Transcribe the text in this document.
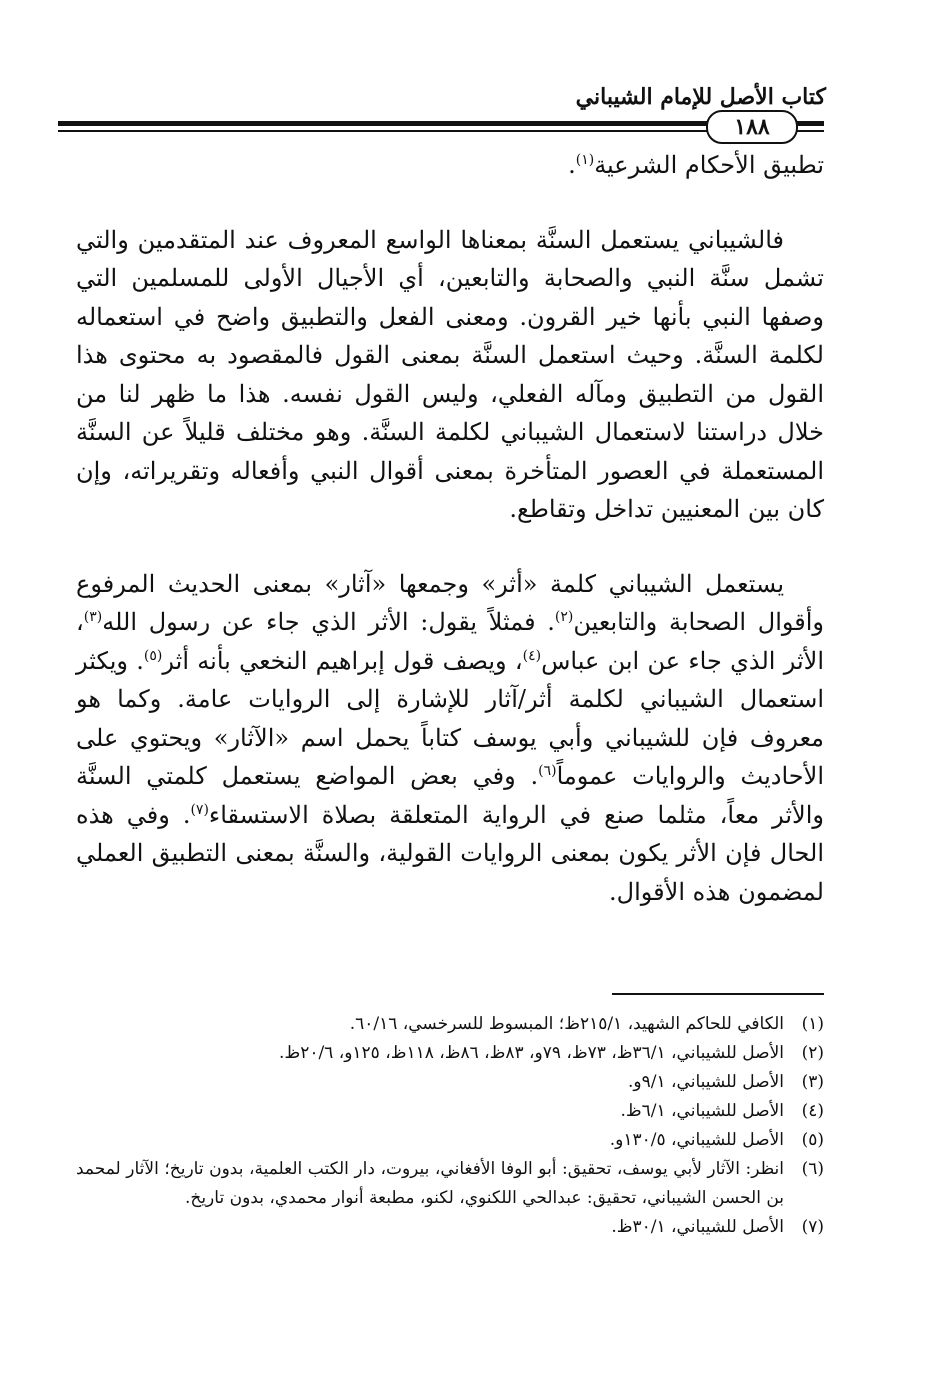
كتاب الأصل للإمام الشيباني
١٨٨

تطبيق الأحكام الشرعية$^{(١)}$.

فالشيباني يستعمل السنَّة بمعناها الواسع المعروف عند المتقدمين والتي تشمل سنَّة النبي والصحابة والتابعين، أي الأجيال الأولى للمسلمين التي وصفها النبي بأنها خير القرون. ومعنى الفعل والتطبيق واضح في استعماله لكلمة السنَّة. وحيث استعمل السنَّة بمعنى القول فالمقصود به محتوى هذا القول من التطبيق ومآله الفعلي، وليس القول نفسه. هذا ما ظهر لنا من خلال دراستنا لاستعمال الشيباني لكلمة السنَّة. وهو مختلف قليلاً عن السنَّة المستعملة في العصور المتأخرة بمعنى أقوال النبي وأفعاله وتقريراته، وإن كان بين المعنيين تداخل وتقاطع.

يستعمل الشيباني كلمة «أثر» وجمعها «آثار» بمعنى الحديث المرفوع وأقوال الصحابة والتابعين$^{(٢)}$. فمثلاً يقول: الأثر الذي جاء عن رسول الله$^{(٣)}$، الأثر الذي جاء عن ابن عباس$^{(٤)}$، ويصف قول إبراهيم النخعي بأنه أثر$^{(٥)}$. ويكثر استعمال الشيباني لكلمة أثر/آثار للإشارة إلى الروايات عامة. وكما هو معروف فإن للشيباني وأبي يوسف كتاباً يحمل اسم «الآثار» ويحتوي على الأحاديث والروايات عموماً$^{(٦)}$. وفي بعض المواضع يستعمل كلمتي السنَّة والأثر معاً، مثلما صنع في الرواية المتعلقة بصلاة الاستسقاء$^{(٧)}$. وفي هذه الحال فإن الأثر يكون بمعنى الروايات القولية، والسنَّة بمعنى التطبيق العملي لمضمون هذه الأقوال.

(١)
الكافي للحاكم الشهيد، ٢١٥/١ظ؛ المبسوط للسرخسي، ٦٠/١٦.
(٢)
الأصل للشيباني، ٣٦/١ظ، ٧٣ظ، ٧٩و، ٨٣ظ، ٨٦ظ، ١١٨ظ، ١٢٥و، ٢٠/٦ظ.
(٣)
الأصل للشيباني، ٩/١و.
(٤)
الأصل للشيباني، ٦/١ظ.
(٥)
الأصل للشيباني، ١٣٠/٥و.
(٦)
انظر: الآثار لأبي يوسف، تحقيق: أبو الوفا الأفغاني، بيروت، دار الكتب العلمية، بدون تاريخ؛ الآثار لمحمد بن الحسن الشيباني، تحقيق: عبدالحي اللكنوي، لكنو، مطبعة أنوار محمدي، بدون تاريخ.
(٧)
الأصل للشيباني، ٣٠/١ظ.
